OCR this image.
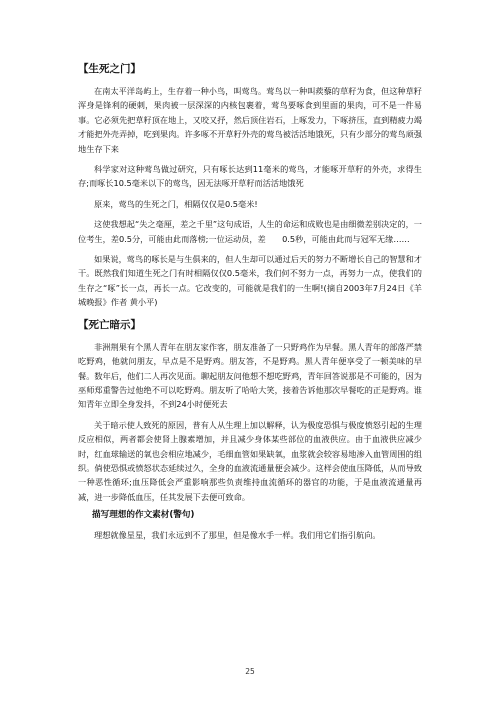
【生死之门】

在南太平洋岛屿上，生存着一种小鸟，叫莺鸟。莺鸟以一种叫蒺藜的草籽为食，但这种草籽浑身是锋利的硬刺，果肉被一层深深的内核包裹着，莺鸟要啄食到里面的果肉，可不是一件易事。它必须先把草籽顶在地上，又咬又抒，然后顶住岩石，上啄发力，下啄挤压，直到精疲力竭才能把外壳弄掉，吃到果肉。许多啄不开草籽外壳的莺鸟被活活地饿死，只有少部分的莺鸟顽强地生存下来

科学家对这种莺鸟做过研究，只有啄长达到11毫米的莺鸟，才能啄开草籽的外壳，求得生存;而啄长10.5毫米以下的莺鸟，因无法啄开草籽而活活地饿死

原来，莺鸟的生死之门，相隔仅仅是0.5毫米!

这使我想起“失之毫厘，差之千里”这句成语，人生的命运和成败也是由细微差别决定的，一位考生，差0.5分，可能由此而落榜;一位运动员，差　　0.5秒，可能由此而与冠军无缘……

如果说，莺鸟的啄长是与生俱来的，但人生却可以通过后天的努力不断增长自己的智慧和才干。既然我们知道生死之门有时相隔仅仅0.5毫米，我们何不努力一点，再努力一点，使我们的生存之“啄”长一点，再长一点。它改变的，可能就是我们的一生啊!(摘自2003年7月24日《羊城晚报》作者 黄小平)

【死亡暗示】

非洲荆果有个黑人青年在朋友家作客，朋友准备了一只野鸡作为早餐。黑人青年的部落严禁吃野鸡，他就问朋友，早点是不是野鸡。朋友答，不是野鸡。黑人青年便享受了一顿美味的早餐。数年后，他们二人再次见面。聊起朋友问他想不想吃野鸡，青年回答说那是不可能的，因为巫师郑重警告过他绝不可以吃野鸡。朋友听了哈哈大笑，接着告诉他那次早餐吃的正是野鸡。谁知青年立即全身发抖，不到24小时便死去

关于暗示使人致死的原因，普有人从生理上加以解释，认为极度恐惧与极度愤怒引起的生理反应相似，两者都会使肾上腺素增加，并且减少身体某些部位的血液供应。由于血液供应减少时，红血球输送的氧也会相应地减少，毛细血管如果缺氧，血浆就会较容易地渗入血管周围的组织。倘使恐惧或愤怒状态延续过久，全身的血液流通量便会减少。这样会使血压降低，从而导致一种恶性循环;血压降低会严重影响那些负责维持血流循环的器官的功能，于是血液流通量再减，进一步降低血压，任其发展下去便可致命。

描写理想的作文素材(警句)

理想就像星星，我们永远到不了那里，但是像水手一样。我们用它们指引航向。

25
